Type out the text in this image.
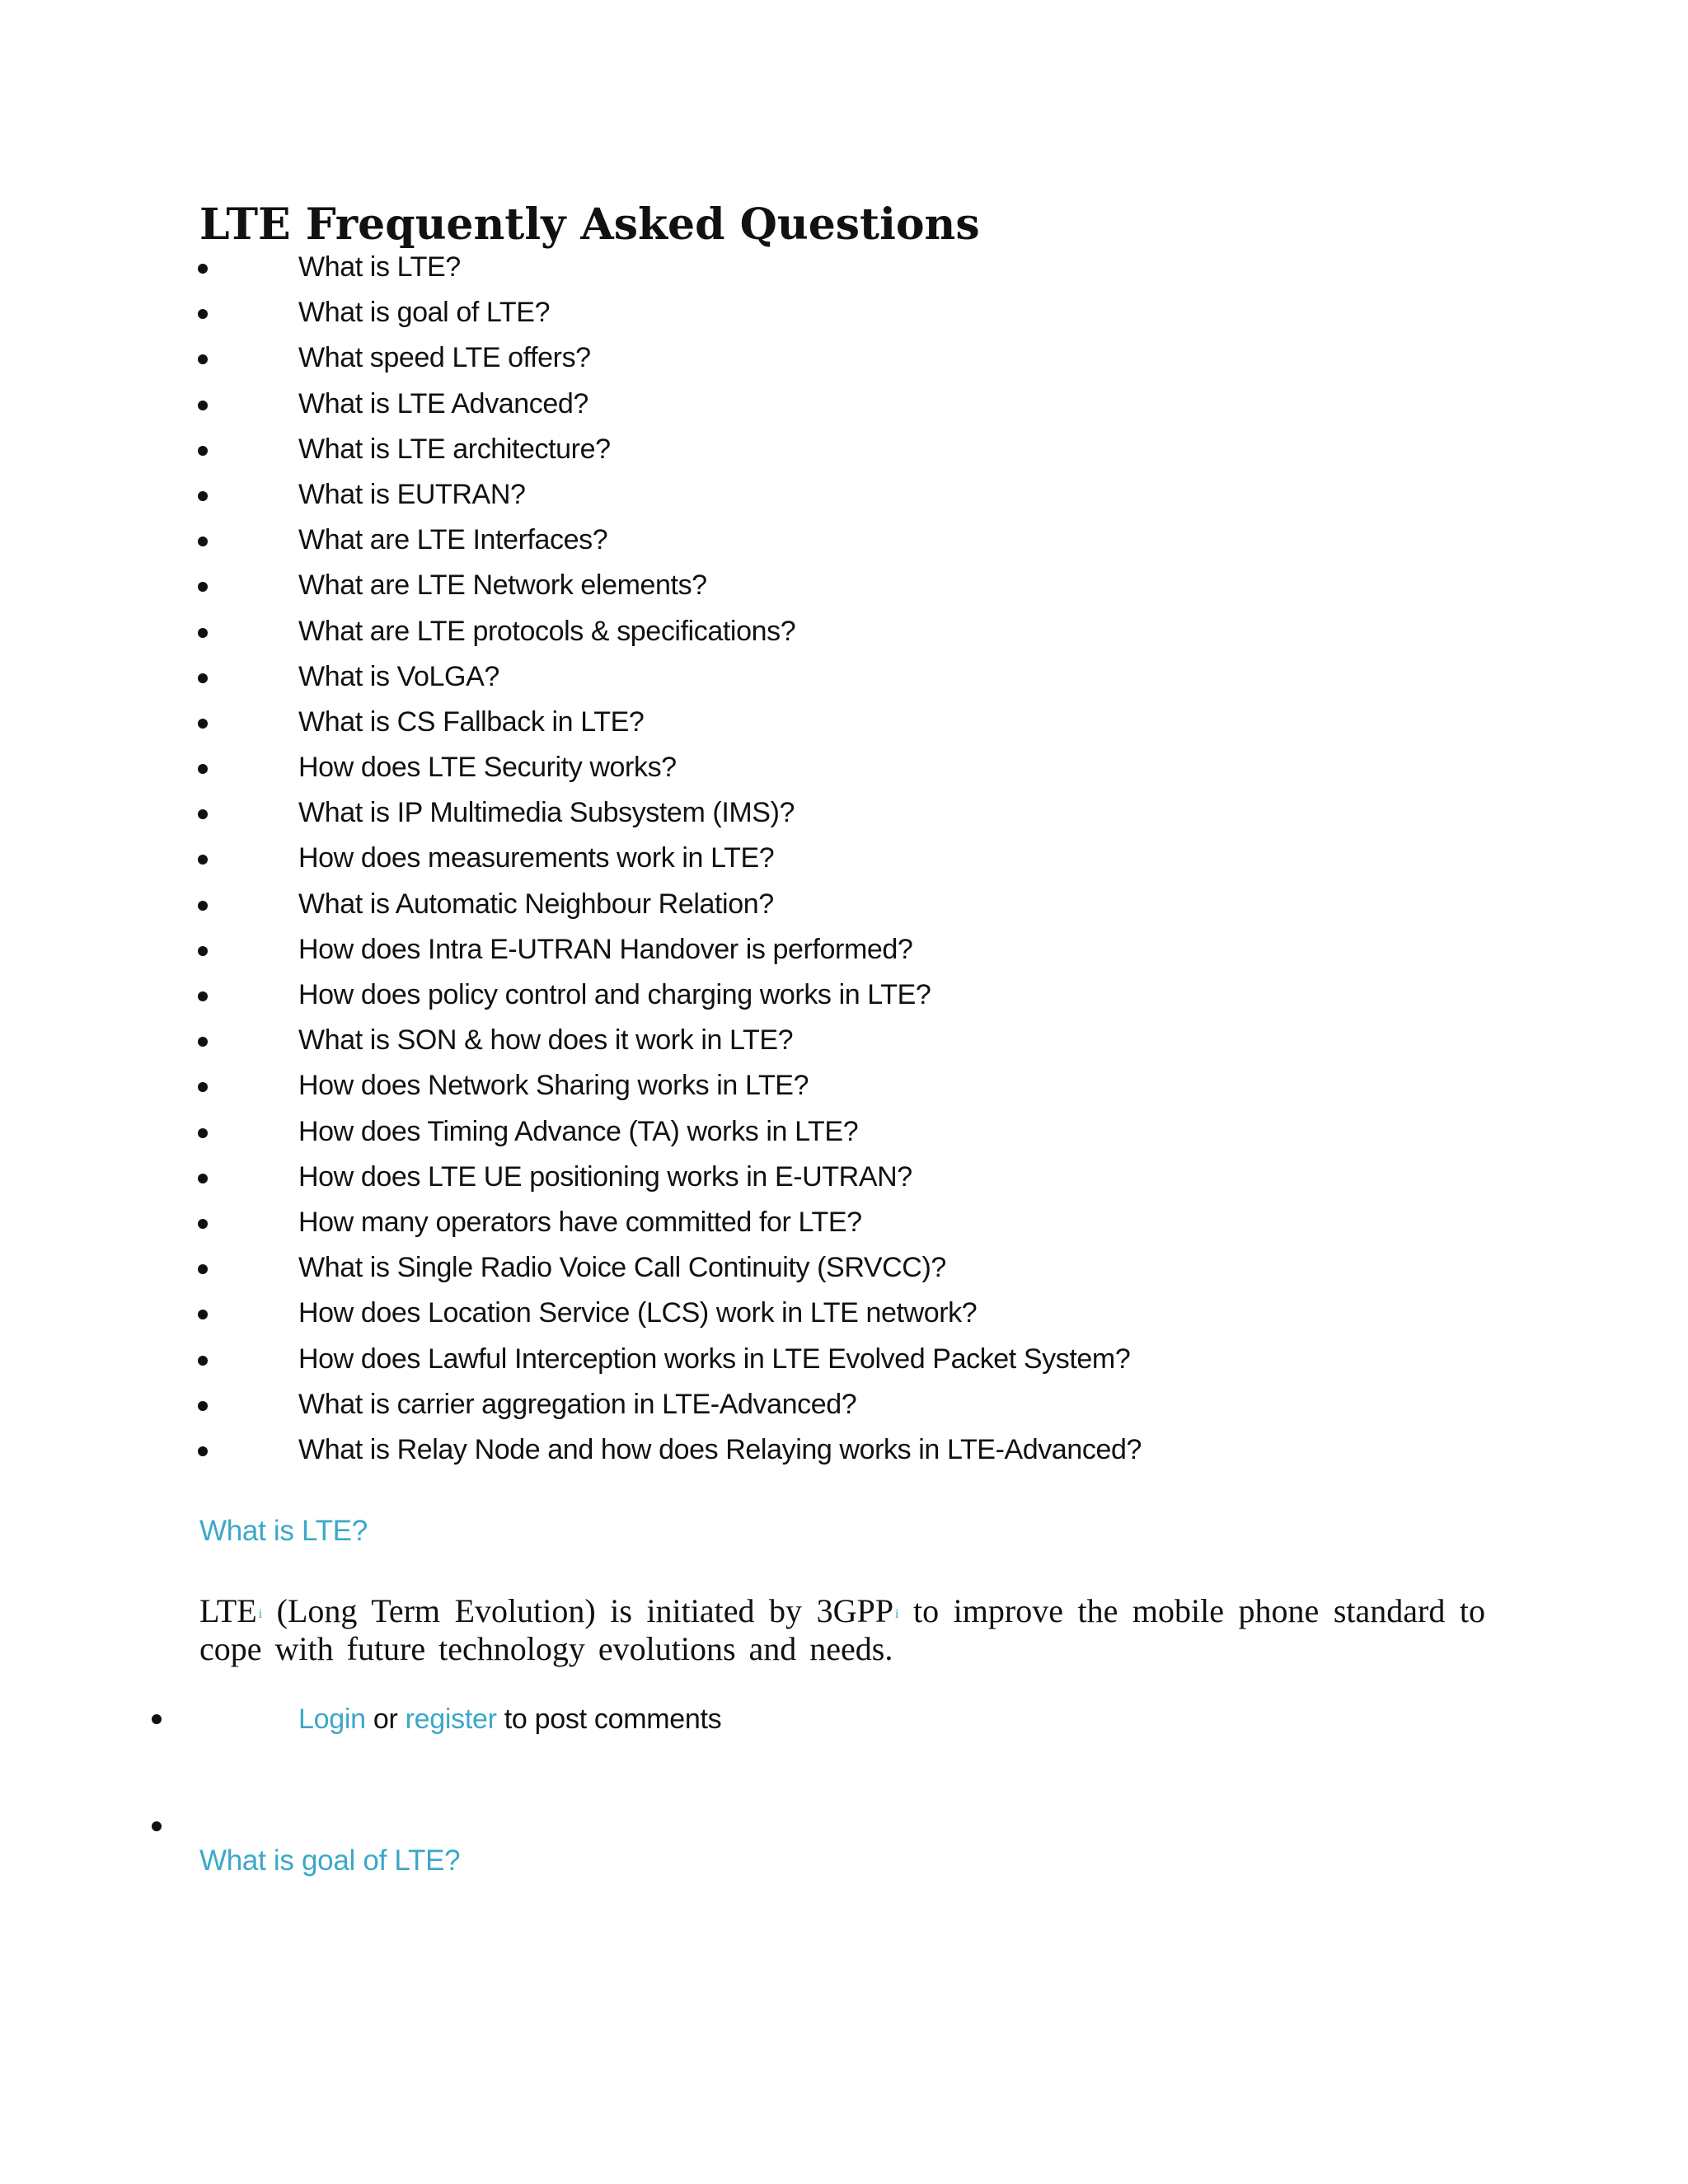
LTE Frequently Asked Questions
What is LTE?
What is goal of LTE?
What speed LTE offers?
What is LTE Advanced?
What is LTE architecture?
What is EUTRAN?
What are LTE Interfaces?
What are LTE Network elements?
What are LTE protocols & specifications?
What is VoLGA?
What is CS Fallback in LTE?
How does LTE Security works?
What is IP Multimedia Subsystem (IMS)?
How does measurements work in LTE?
What is Automatic Neighbour Relation?
How does Intra E-UTRAN Handover is performed?
How does policy control and charging works in LTE?
What is SON & how does it work in LTE?
How does Network Sharing works in LTE?
How does Timing Advance (TA) works in LTE?
How does LTE UE positioning works in E-UTRAN?
How many operators have committed for LTE?
What is Single Radio Voice Call Continuity (SRVCC)?
How does Location Service (LCS) work in LTE network?
How does Lawful Interception works in LTE Evolved Packet System?
What is carrier aggregation in LTE-Advanced?
What is Relay Node and how does Relaying works in LTE-Advanced?
What is LTE?

LTE $^i$ (Long Term Evolution) is initiated by 3GPP $^i$ to improve the mobile phone standard to cope with future technology evolutions and needs.

Login or register to post comments
What is goal of LTE?
